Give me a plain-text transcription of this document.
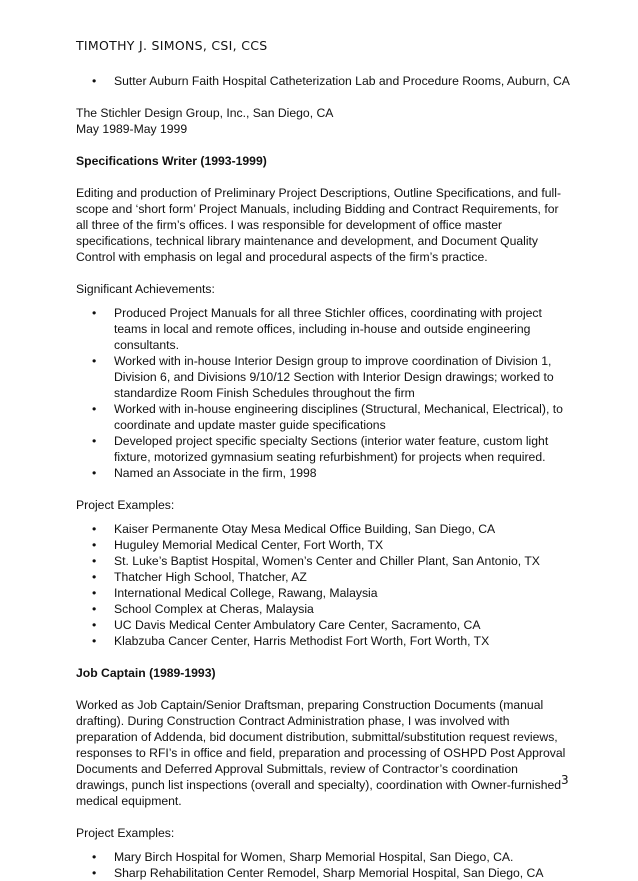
TIMOTHY J. SIMONS, CSI, CCS
• Sutter Auburn Faith Hospital Catheterization Lab and Procedure Rooms, Auburn, CA

The Stichler Design Group, Inc., San Diego, CA

May 1989-May 1999

Specifications Writer (1993-1999)

Editing and production of Preliminary Project Descriptions, Outline Specifications, and full-scope and ‘short form’ Project Manuals, including Bidding and Contract Requirements, for all three of the firm’s offices. I was responsible for development of office master specifications, technical library maintenance and development, and Document Quality Control with emphasis on legal and procedural aspects of the firm’s practice.

Significant Achievements:

• Produced Project Manuals for all three Stichler offices, coordinating with project teams in local and remote offices, including in-house and outside engineering consultants.
• Worked with in-house Interior Design group to improve coordination of Division 1, Division 6, and Divisions 9/10/12 Section with Interior Design drawings; worked to standardize Room Finish Schedules throughout the firm
• Worked with in-house engineering disciplines (Structural, Mechanical, Electrical), to coordinate and update master guide specifications
• Developed project specific specialty Sections (interior water feature, custom light fixture, motorized gymnasium seating refurbishment) for projects when required.
• Named an Associate in the firm, 1998

Project Examples:

• Kaiser Permanente Otay Mesa Medical Office Building, San Diego, CA
• Huguley Memorial Medical Center, Fort Worth, TX
• St. Luke’s Baptist Hospital, Women’s Center and Chiller Plant, San Antonio, TX
• Thatcher High School, Thatcher, AZ
• International Medical College, Rawang, Malaysia
• School Complex at Cheras, Malaysia
• UC Davis Medical Center Ambulatory Care Center, Sacramento, CA
• Klabzuba Cancer Center, Harris Methodist Fort Worth, Fort Worth, TX

Job Captain (1989-1993)

Worked as Job Captain/Senior Draftsman, preparing Construction Documents (manual drafting). During Construction Contract Administration phase, I was involved with preparation of Addenda, bid document distribution, submittal/substitution request reviews, responses to RFI’s in office and field, preparation and processing of OSHPD Post Approval Documents and Deferred Approval Submittals, review of Contractor’s coordination drawings, punch list inspections (overall and specialty), coordination with Owner-furnished medical equipment.

Project Examples:

• Mary Birch Hospital for Women, Sharp Memorial Hospital, San Diego, CA.
• Sharp Rehabilitation Center Remodel, Sharp Memorial Hospital, San Diego, CA
3
